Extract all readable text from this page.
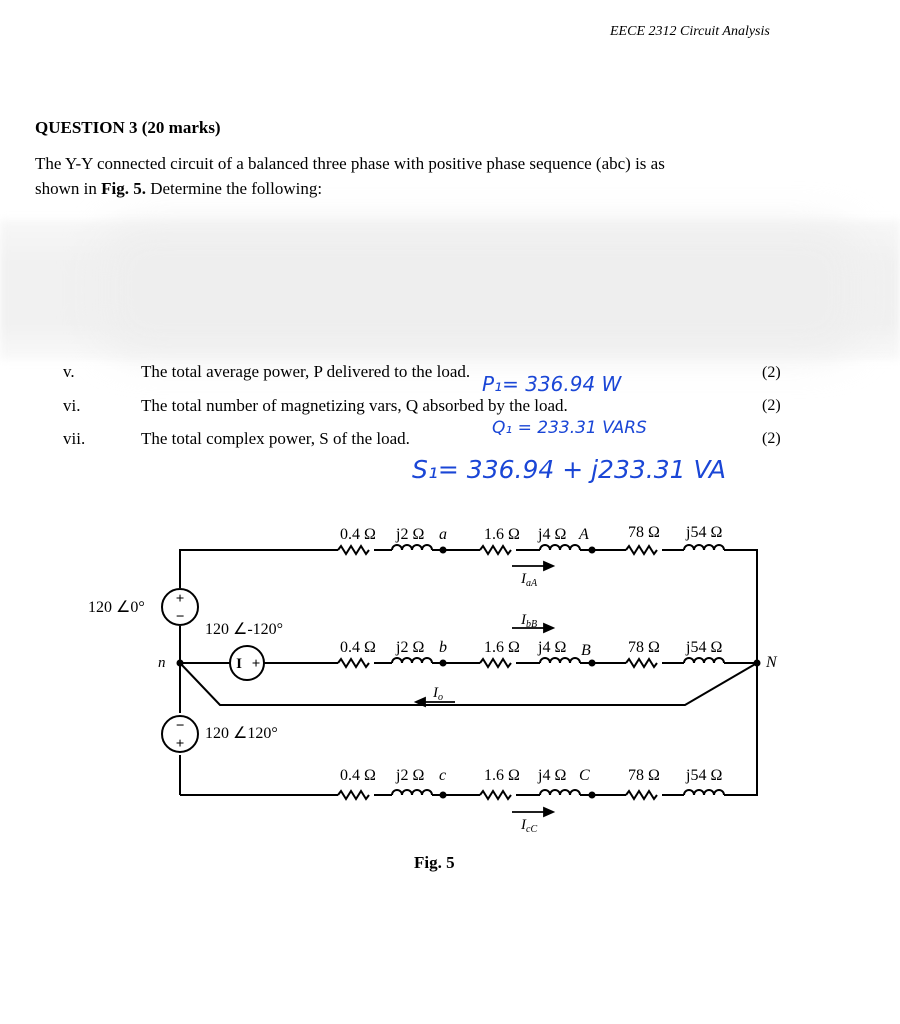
EECE 2312 Circuit Analysis
QUESTION 3 (20 marks)
The Y-Y connected circuit of a balanced three phase with positive phase sequence (abc) is as
shown in Fig. 5. Determine the following:
v.	The total average power, P delivered to the load.	(2)
vi.	The total number of magnetizing vars, Q absorbed by the load.	(2)
vii.	The total complex power, S of the load.	(2)
P₁= 336.94 W
Q₁ = 233.31 VARS
S₁= 336.94 + j233.31 VA
+
−
I +
−
+
0.4 Ω j2 Ω a 1.6 Ω j4 Ω A 78 Ω j54 Ω
0.4 Ω j2 Ω b 1.6 Ω j4 Ω B 78 Ω j54 Ω
0.4 Ω j2 Ω c 1.6 Ω j4 Ω C 78 Ω j54 Ω
120 ∠0°
120 ∠-120°
120 ∠120°
n	N
$I_{aA}$
$I_{bB}$
$I_{cC}$
$I_o$
Fig. 5
